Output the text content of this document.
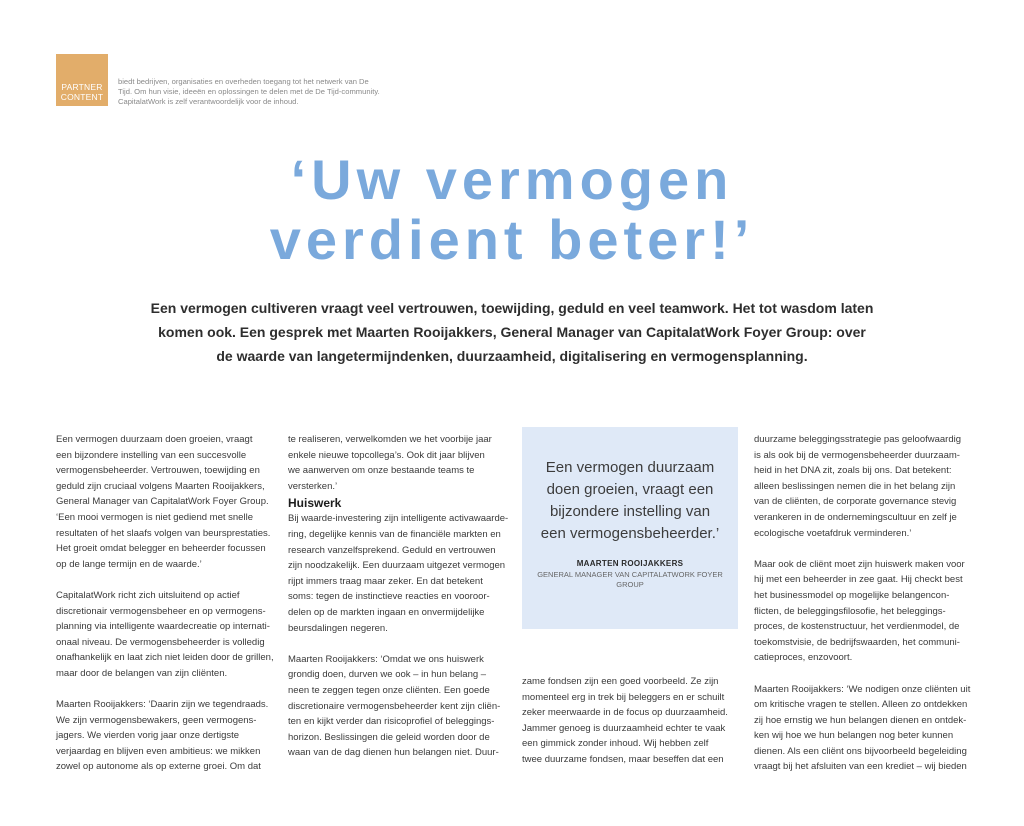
PARTNER
CONTENT
biedt bedrijven, organisaties en overheden toegang tot het netwerk van De
Tijd. Om hun visie, ideeën en oplossingen te delen met de De Tijd-community.
CapitalatWork is zelf verantwoordelijk voor de inhoud.
‘Uw vermogen
verdient beter!’
Een vermogen cultiveren vraagt veel vertrouwen, toewijding, geduld en veel teamwork. Het tot wasdom laten
komen ook. Een gesprek met Maarten Rooijakkers, General Manager van CapitalatWork Foyer Group: over
de waarde van langetermijndenken, duurzaamheid, digitalisering en vermogensplanning.
Een vermogen duurzaam doen groeien, vraagt
een bijzondere instelling van een succesvolle
vermogensbeheerder. Vertrouwen, toewijding en
geduld zijn cruciaal volgens Maarten Rooijakkers,
General Manager van CapitalatWork Foyer Group.
‘Een mooi vermogen is niet gediend met snelle
resultaten of het slaafs volgen van beursprestaties.
Het groeit omdat belegger en beheerder focussen
op de lange termijn en de waarde.’
CapitalatWork richt zich uitsluitend op actief
discretionair vermogensbeheer en op vermogens-
planning via intelligente waardecreatie op internati-
onaal niveau. De vermogensbeheerder is volledig
onafhankelijk en laat zich niet leiden door de grillen,
maar door de belangen van zijn cliënten.
Maarten Rooijakkers: ‘Daarin zijn we tegendraads.
We zijn vermogensbewakers, geen vermogens-
jagers. We vierden vorig jaar onze dertigste
verjaardag en blijven even ambitieus: we mikken
zowel op autonome als op externe groei. Om dat
te realiseren, verwelkomden we het voorbije jaar
enkele nieuwe topcollega’s. Ook dit jaar blijven
we aanwerven om onze bestaande teams te
versterken.’
Huiswerk
Bij waarde-investering zijn intelligente activawaarde-
ring, degelijke kennis van de financiële markten en
research vanzelfsprekend. Geduld en vertrouwen
zijn noodzakelijk. Een duurzaam uitgezet vermogen
rijpt immers traag maar zeker. En dat betekent
soms: tegen de instinctieve reacties en vooroor-
delen op de markten ingaan en onvermijdelijke
beursdalingen negeren.
Maarten Rooijakkers: ‘Omdat we ons huiswerk
grondig doen, durven we ook – in hun belang –
neen te zeggen tegen onze cliënten. Een goede
discretionaire vermogensbeheerder kent zijn cliën-
ten en kijkt verder dan risicoprofiel of beleggings-
horizon. Beslissingen die geleid worden door de
waan van de dag dienen hun belangen niet. Duur-
Een vermogen duurzaam
doen groeien, vraagt een
bijzondere instelling van
een vermogensbeheerder.’
MAARTEN ROOIJAKKERS
GENERAL MANAGER VAN CAPITALATWORK FOYER
GROUP
zame fondsen zijn een goed voorbeeld. Ze zijn
momenteel erg in trek bij beleggers en er schuilt
zeker meerwaarde in de focus op duurzaamheid.
Jammer genoeg is duurzaamheid echter te vaak
een gimmick zonder inhoud. Wij hebben zelf
twee duurzame fondsen, maar beseffen dat een
duurzame beleggingsstrategie pas geloofwaardig
is als ook bij de vermogensbeheerder duurzaam-
heid in het DNA zit, zoals bij ons. Dat betekent:
alleen beslissingen nemen die in het belang zijn
van de cliënten, de corporate governance stevig
verankeren in de ondernemingscultuur en zelf je
ecologische voetafdruk verminderen.’
Maar ook de cliënt moet zijn huiswerk maken voor
hij met een beheerder in zee gaat. Hij checkt best
het businessmodel op mogelijke belangencon-
flicten, de beleggingsfilosofie, het beleggings-
proces, de kostenstructuur, het verdienmodel, de
toekomstvisie, de bedrijfswaarden, het communi-
catieproces, enzovoort.
Maarten Rooijakkers: ‘We nodigen onze cliënten uit
om kritische vragen te stellen. Alleen zo ontdekken
zij hoe ernstig we hun belangen dienen en ontdek-
ken wij hoe we hun belangen nog beter kunnen
dienen. Als een cliënt ons bijvoorbeeld begeleiding
vraagt bij het afsluiten van een krediet – wij bieden
